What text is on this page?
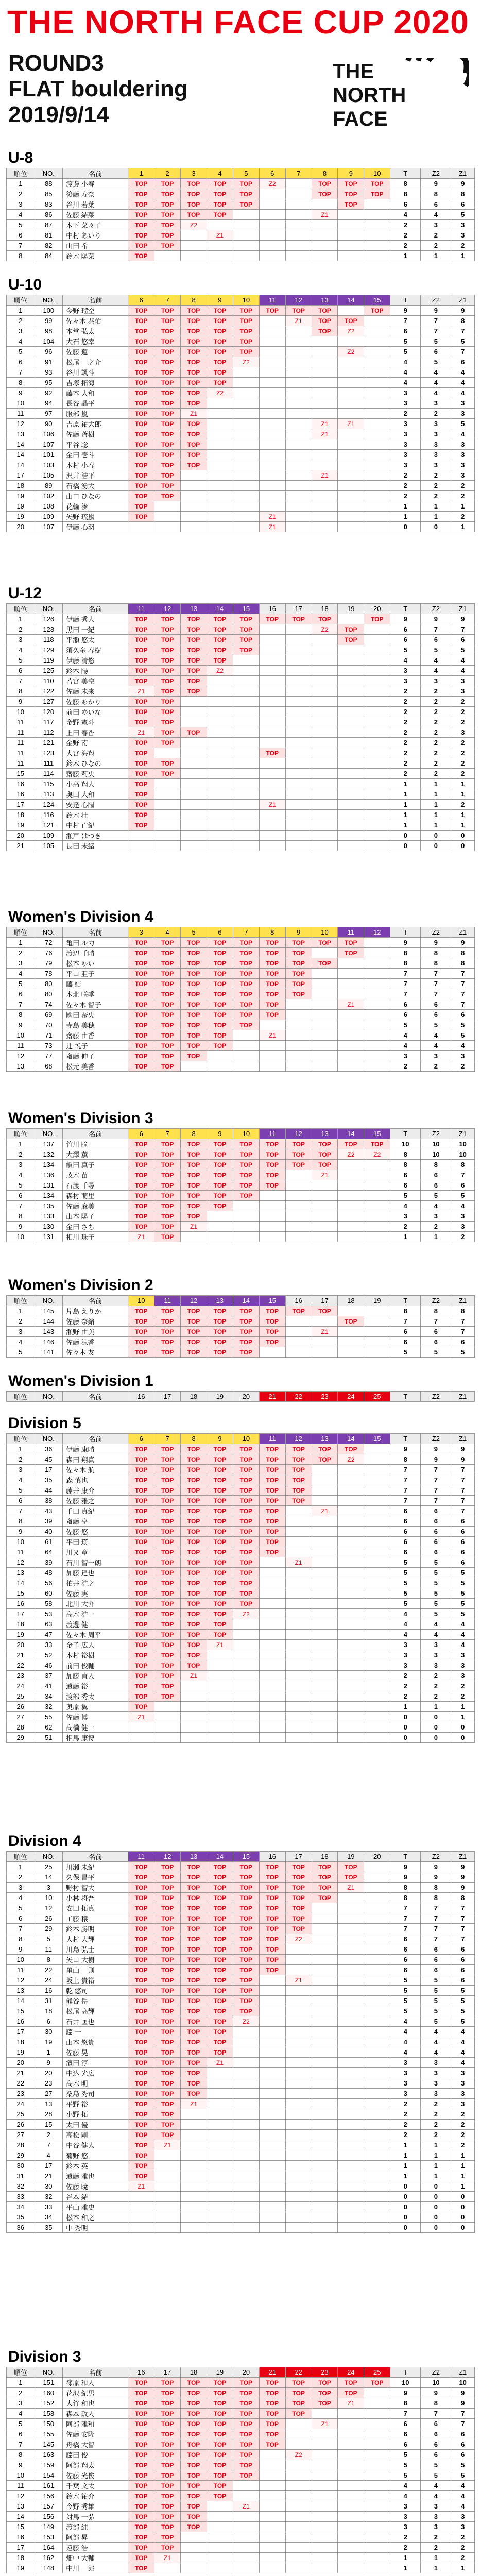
THE NORTH FACE CUP 2020
ROUND3
FLAT bouldering
2019/9/14
THE
NORTH
FACE
U-8
順位	NO.	名前	1	2	3	4	5	6	7	8	9	10	T	Z2	Z1
1	88	渡邊 小春	TOP	TOP	TOP	TOP	TOP	Z2		TOP	TOP	TOP	8	9	9
2	85	後藤 寿奈	TOP	TOP	TOP	TOP	TOP			TOP	TOP	TOP	8	8	8
3	83	谷川 若葉	TOP	TOP	TOP	TOP	TOP				TOP		6	6	6
4	86	佐藤 結菜	TOP	TOP	TOP	TOP				Z1			4	4	5
5	87	木下 菜々子	TOP	TOP	Z2								2	3	3
6	81	中村 あいり	TOP	TOP		Z1							2	2	3
7	82	山田 希	TOP	TOP									2	2	2
8	84	鈴木 陽菜	TOP										1	1	1
U-10
順位	NO.	名前	6	7	8	9	10	11	12	13	14	15	T	Z2	Z1
1	100	今野 瑠空	TOP	TOP	TOP	TOP	TOP	TOP	TOP	TOP		TOP	9	9	9
2	99	佐々木 恭佑	TOP	TOP	TOP	TOP	TOP		Z1	TOP	TOP		7	7	8
3	98	本堂 弘太	TOP	TOP	TOP	TOP	TOP			TOP	Z2		6	7	7
4	104	大石 悠幸	TOP	TOP	TOP	TOP	TOP						5	5	5
5	96	佐藤 蓮	TOP	TOP	TOP	TOP	TOP				Z2		5	6	7
6	91	松尾 一之介	TOP	TOP	TOP	TOP	Z2						4	5	6
7	93	谷川 颯斗	TOP	TOP	TOP	TOP							4	4	4
8	95	吉塚 拓海	TOP	TOP	TOP	TOP							4	4	4
9	92	藤本 大和	TOP	TOP	TOP	Z2							3	4	4
10	94	長谷 晶平	TOP	TOP	TOP								3	3	3
11	97	服部 嵐	TOP	TOP	Z1								2	2	3
12	90	吉原 祐大郎	TOP	TOP	TOP					Z1	Z1		3	3	5
13	106	佐藤 蒼樹	TOP	TOP	TOP					Z1			3	3	4
14	107	平谷 聡	TOP	TOP	TOP								3	3	3
14	101	金田 壱斗	TOP	TOP	TOP								3	3	3
14	103	木村 小春	TOP	TOP	TOP								3	3	3
17	105	沢井 浩平	TOP	TOP						Z1			2	2	3
18	89	石橋 湧大	TOP	TOP									2	2	2
19	102	山口 ひなの	TOP	TOP									2	2	2
19	108	花輪 湊	TOP										1	1	1
19	109	矢野 琉嵐	TOP					Z1					1	1	2
20	107	伊藤 心羽						Z1					0	0	1
U-12
順位	NO.	名前	11	12	13	14	15	16	17	18	19	20	T	Z2	Z1
1	126	伊藤 秀人	TOP	TOP	TOP	TOP	TOP	TOP	TOP	TOP		TOP	9	9	9
2	128	黒田 一紀	TOP	TOP	TOP	TOP	TOP			Z2	TOP		6	7	7
3	118	平瀬 悠太	TOP	TOP	TOP	TOP	TOP				TOP		6	6	6
4	129	須久多 春樹	TOP	TOP	TOP	TOP	TOP						5	5	5
5	119	伊藤 清悠	TOP	TOP	TOP	TOP							4	4	4
6	125	鈴木 陽	TOP	TOP	TOP	Z2							3	4	4
7	110	若宮 美空	TOP	TOP	TOP								3	3	3
8	122	佐藤 未来	Z1	TOP	TOP								2	2	3
9	127	佐藤 あかり	TOP	TOP									2	2	2
10	120	前田 ゆいな	TOP	TOP									2	2	2
11	117	金野 憲斗	TOP	TOP									2	2	2
11	112	上田 春香	Z1	TOP	TOP								2	2	3
11	121	金野 南	TOP	TOP									2	2	2
11	123	大宮 海翔	TOP					TOP					2	2	2
11	111	鈴木 ひなの	TOP	TOP									2	2	2
15	114	齋藤 莉央	TOP	TOP									2	2	2
16	115	小高 翔人	TOP										1	1	1
16	113	奥田 大和	TOP										1	1	1
17	124	安達 心陽	TOP					Z1					1	1	2
18	116	鈴木 壮	TOP										1	1	1
19	121	中村 亡紀	TOP										1	1	1
20	109	瀬戸 はづき											0	0	0
21	105	長田 未緒											0	0	0
Women's Division 4
順位	NO.	名前	3	4	5	6	7	8	9	10	11	12	T	Z2	Z1
1	72	亀田 ル力	TOP	TOP	TOP	TOP	TOP	TOP	TOP	TOP	TOP		9	9	9
2	76	渡辺 千晴	TOP	TOP	TOP	TOP	TOP	TOP	TOP		TOP		8	8	8
3	79	松本 ゆい	TOP	TOP	TOP	TOP	TOP	TOP	TOP	TOP			8	8	8
4	78	平口 亜子	TOP	TOP	TOP	TOP	TOP	TOP	TOP				7	7	7
5	80	藤 結	TOP	TOP	TOP	TOP	TOP	TOP	TOP				7	7	7
6	80	木北 咲季	TOP	TOP	TOP	TOP	TOP	TOP	TOP				7	7	7
7	74	佐々木 智子	TOP	TOP	TOP	TOP	TOP	TOP			Z1		6	6	7
8	69	國田 奈央	TOP	TOP	TOP	TOP	TOP	TOP					6	6	6
9	70	寺島 美穂	TOP	TOP	TOP	TOP	TOP						5	5	5
10	71	齋藤 由香	TOP	TOP	TOP	TOP		Z1					4	4	5
11	73	辻 悦子	TOP	TOP	TOP	TOP							4	4	4
12	77	齋藤 伸子	TOP	TOP	TOP								3	3	3
13	68	松元 美香	TOP	TOP									2	2	2
Women's Division 3
順位	NO.	名前	6	7	8	9	10	11	12	13	14	15	T	Z2	Z1
1	137	竹川 瞳	TOP	TOP	TOP	TOP	TOP	TOP	TOP	TOP	TOP	TOP	10	10	10
2	132	大澤 薫	TOP	TOP	TOP	TOP	TOP	TOP	TOP	TOP	Z2	Z2	8	10	10
3	134	飯田 真子	TOP	TOP	TOP	TOP	TOP	TOP	TOP	TOP			8	8	8
4	136	茂木 苗	TOP	TOP	TOP	TOP	TOP	TOP		Z1			6	6	7
5	131	石渡 千尋	TOP	TOP	TOP	TOP	TOP	TOP					6	6	6
6	134	森村 萌里	TOP	TOP	TOP	TOP	TOP						5	5	5
7	135	佐藤 麻美	TOP	TOP	TOP	TOP							4	4	4
8	133	山本 陽子	TOP	TOP	TOP								3	3	3
9	130	金田 さち	TOP	TOP	Z1								2	2	3
10	131	相川 珠子	Z1	TOP									1	1	2
Women's Division 2
順位	NO.	名前	10	11	12	13	14	15	16	17	18	19	T	Z2	Z1
1	145	片島 えりか	TOP	TOP	TOP	TOP	TOP	TOP	TOP	TOP			8	8	8
2	144	佐藤 奈緒	TOP	TOP	TOP	TOP	TOP	TOP			TOP		7	7	7
3	143	瀬野 由美	TOP	TOP	TOP	TOP	TOP	TOP		Z1			6	6	7
4	146	佐藤 涼香	TOP	TOP	TOP	TOP	TOP	TOP					6	6	6
5	141	佐々木 友	TOP	TOP	TOP	TOP	TOP						5	5	5
Women's Division 1
順位	NO.	名前	16	17	18	19	20	21	22	23	24	25	T	Z2	Z1
Division 5
順位	NO.	名前	6	7	8	9	10	11	12	13	14	15	T	Z2	Z1
1	36	伊藤 康晴	TOP	TOP	TOP	TOP	TOP	TOP	TOP	TOP	TOP		9	9	9
2	45	森田 翔真	TOP	TOP	TOP	TOP	TOP	TOP	TOP	TOP	Z2		8	9	9
3	17	佐々木 航	TOP	TOP	TOP	TOP	TOP	TOP	TOP				7	7	7
4	35	森 慎也	TOP	TOP	TOP	TOP	TOP	TOP	TOP				7	7	7
5	44	藤井 康介	TOP	TOP	TOP	TOP	TOP	TOP	TOP				7	7	7
6	38	佐藤 雅之	TOP	TOP	TOP	TOP	TOP	TOP	TOP				7	7	7
7	43	千田 真紀	TOP	TOP	TOP	TOP	TOP	TOP		Z1			6	6	7
8	39	齋藤 亨	TOP	TOP	TOP	TOP	TOP	TOP					6	6	6
9	40	佐藤 悠	TOP	TOP	TOP	TOP	TOP	TOP					6	6	6
10	61	平田 瑛	TOP	TOP	TOP	TOP	TOP	TOP					6	6	6
11	64	川又 章	TOP	TOP	TOP	TOP	TOP	TOP					6	6	6
12	39	石川 智一朗	TOP	TOP	TOP	TOP	TOP		Z1				5	5	6
13	48	加藤 達也	TOP	TOP	TOP	TOP	TOP						5	5	5
14	56	柏井 浩之	TOP	TOP	TOP	TOP	TOP						5	5	5
15	60	佐藤 実	TOP	TOP	TOP	TOP	TOP						5	5	5
16	58	北川 大介	TOP	TOP	TOP	TOP	TOP						5	5	5
17	53	高木 浩一	TOP	TOP	TOP	TOP	Z2						4	5	5
18	63	渡邊 健	TOP	TOP	TOP	TOP							4	4	4
19	47	佐々木 周平	TOP	TOP	TOP	TOP							4	4	4
20	33	金子 広人	TOP	TOP	TOP	Z1							3	3	4
21	52	木村 裕樹	TOP	TOP	TOP								3	3	3
22	46	前田 俊輔	TOP	TOP	TOP								3	3	3
23	37	加藤 直人	TOP	TOP	Z1								2	2	3
24	41	遠藤 裕	TOP	TOP									2	2	2
25	34	渡部 秀太	TOP	TOP									2	2	2
26	32	奥原 翼	TOP										1	1	1
27	55	佐藤 博	Z1										0	0	1
28	62	高橋 健一											0	0	0
29	51	相馬 康博											0	0	0
Division 4
順位	NO.	名前	11	12	13	14	15	16	17	18	19	20	T	Z2	Z1
1	25	川瀬 未紀	TOP	TOP	TOP	TOP	TOP	TOP	TOP	TOP	TOP		9	9	9
2	14	久保 昌平	TOP	TOP	TOP	TOP	TOP	TOP	TOP	TOP	TOP		9	9	9
3	3	野村 智大	TOP	TOP	TOP	TOP	TOP	TOP	TOP	TOP	Z1		8	8	9
4	10	小林 将吾	TOP	TOP	TOP	TOP	TOP	TOP	TOP	TOP			8	8	8
5	12	安田 拓真	TOP	TOP	TOP	TOP	TOP	TOP	TOP				7	7	7
6	26	工藤 穣	TOP	TOP	TOP	TOP	TOP	TOP	TOP				7	7	7
7	29	鈴木 勝明	TOP	TOP	TOP	TOP	TOP	TOP	TOP				7	7	7
8	5	大村 大輝	TOP	TOP	TOP	TOP	TOP	TOP	Z2				6	7	7
9	11	川島 弘士	TOP	TOP	TOP	TOP	TOP	TOP					6	6	6
10	8	矢口 大樹	TOP	TOP	TOP	TOP	TOP	TOP					6	6	6
11	22	亀山 一則	TOP	TOP	TOP	TOP	TOP	TOP					6	6	6
12	24	坂上 貴裕	TOP	TOP	TOP	TOP	TOP		Z1				5	5	6
13	16	乾 悠司	TOP	TOP	TOP	TOP	TOP						5	5	5
14	31	熊谷 岳	TOP	TOP	TOP	TOP	TOP						5	5	5
15	18	松尾 高輝	TOP	TOP	TOP	TOP	TOP						5	5	5
16	6	石井 匡也	TOP	TOP	TOP	TOP	Z2						4	5	5
17	30	藤 一	TOP	TOP	TOP	TOP							4	4	4
18	19	山本 悠貴	TOP	TOP	TOP	TOP							4	4	4
19	1	佐藤 晃	TOP	TOP	TOP	TOP							4	4	4
20	9	濱田 淳	TOP	TOP	TOP	Z1							3	3	4
21	20	中込 光広	TOP	TOP	TOP								3	3	3
22	23	高木 明	TOP	TOP	TOP								3	3	3
23	27	桑島 秀司	TOP	TOP	TOP								3	3	3
24	13	平野 裕	TOP	TOP	Z1								2	2	3
25	28	小野 拓	TOP	TOP									2	2	2
26	15	太田 優	TOP	TOP									2	2	2
27	2	高松 剛	TOP	TOP									2	2	2
28	7	中谷 健人	TOP	Z1									1	1	2
29	4	菊野 悠	TOP										1	1	1
30	17	鈴木 英	TOP										1	1	1
31	21	遠藤 雅也	TOP										1	1	1
32	30	佐藤 暁	Z1										0	0	1
33	32	谷本 結											0	0	0
34	33	平山 雅史											0	0	0
35	34	松本 和之											0	0	0
36	35	中 秀明											0	0	0
Division 3
順位	NO.	名前	16	17	18	19	20	21	22	23	24	25	T	Z2	Z1
1	151	篠原 和人	TOP	TOP	TOP	TOP	TOP	TOP	TOP	TOP	TOP	TOP	10	10	10
2	160	花沢 紀男	TOP	TOP	TOP	TOP	TOP	TOP	TOP	TOP	TOP		9	9	9
3	152	大竹 和也	TOP	TOP	TOP	TOP	TOP	TOP	TOP	TOP	Z1		8	8	9
4	158	森本 政人	TOP	TOP	TOP	TOP	TOP	TOP	TOP				7	7	7
5	150	阿部 雅和	TOP	TOP	TOP	TOP	TOP	TOP		Z1			6	6	7
6	155	佐藤 安隆	TOP	TOP	TOP	TOP	TOP	TOP					6	6	6
7	145	舟橋 大智	TOP	TOP	TOP	TOP	TOP	TOP					6	6	6
8	163	藤田 俊	TOP	TOP	TOP	TOP	TOP		Z2				5	6	6
9	159	阿部 翔太	TOP	TOP	TOP	TOP	TOP						5	5	5
10	154	佐藤 光俊	TOP	TOP	TOP	TOP	TOP						5	5	5
11	161	千葉 文太	TOP	TOP	TOP	TOP							4	4	4
12	156	鈴木 祐介	TOP	TOP	TOP	TOP							4	4	4
13	157	今野 秀雄	TOP	TOP	TOP		Z1						3	3	4
14	156	対馬 一弘	TOP	TOP	TOP								3	3	3
15	149	渡部 純	TOP	TOP	TOP								3	3	3
16	153	阿部 昇	TOP	TOP									2	2	2
17	164	遠藤 浩	TOP	TOP									2	2	2
18	162	畑中 大輔	TOP	Z1									1	1	2
19	148	中川 一郎	TOP										1	1	1
